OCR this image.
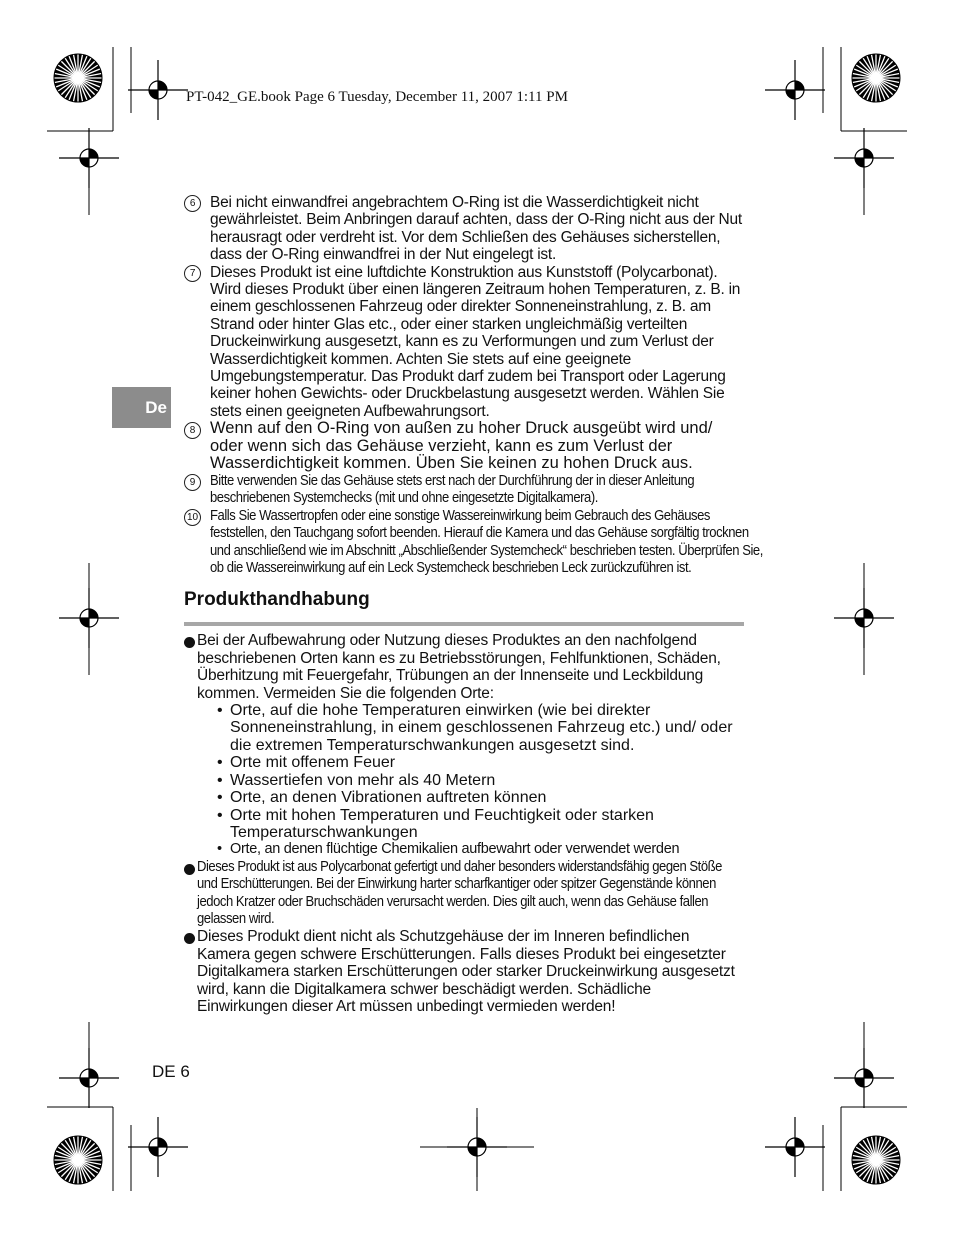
PT-042_GE.book Page 6 Tuesday, December 11, 2007 1:11 PM
De
6 Bei nicht einwandfrei angebrachtem O-Ring ist die Wasserdichtigkeit nicht gewährleistet. Beim Anbringen darauf achten, dass der O-Ring nicht aus der Nut herausragt oder verdreht ist. Vor dem Schließen des Gehäuses sicherstellen, dass der O-Ring einwandfrei in der Nut eingelegt ist.
7 Dieses Produkt ist eine luftdichte Konstruktion aus Kunststoff (Polycarbonat). Wird dieses Produkt über einen längeren Zeitraum hohen Temperaturen, z. B. in einem geschlossenen Fahrzeug oder direkter Sonneneinstrahlung, z. B. am Strand oder hinter Glas etc., oder einer starken ungleichmäßig verteilten Druckeinwirkung ausgesetzt, kann es zu Verformungen und zum Verlust der Wasserdichtigkeit kommen. Achten Sie stets auf eine geeignete Umgebungstemperatur. Das Produkt darf zudem bei Transport oder Lagerung keiner hohen Gewichts- oder Druckbelastung ausgesetzt werden. Wählen Sie stets einen geeigneten Aufbewahrungsort.
8 Wenn auf den O-Ring von außen zu hoher Druck ausgeübt wird und/ oder wenn sich das Gehäuse verzieht, kann es zum Verlust der Wasserdichtigkeit kommen. Üben Sie keinen zu hohen Druck aus.
9	Bitte verwenden Sie das Gehäuse stets erst nach der Durchführung der in dieser Anleitung beschriebenen Systemchecks (mit und ohne eingesetzte Digitalkamera).
10 Falls Sie Wassertropfen oder eine sonstige Wassereinwirkung beim Gebrauch des Gehäuses feststellen, den Tauchgang sofort beenden. Hierauf die Kamera und das Gehäuse sorgfältig trocknen und anschließend wie im Abschnitt „Abschließender Systemcheck“ beschrieben testen. Überprüfen Sie, ob die Wassereinwirkung auf ein Leck Systemcheck beschrieben Leck zurückzuführen ist.
Produkthandhabung
Bei der Aufbewahrung oder Nutzung dieses Produktes an den nachfolgend beschriebenen Orten kann es zu Betriebsstörungen, Fehlfunktionen, Schäden, Überhitzung mit Feuergefahr, Trübungen an der Innenseite und Leckbildung kommen. Vermeiden Sie die folgenden Orte:
• Orte, auf die hohe Temperaturen einwirken (wie bei direkter Sonneneinstrahlung, in einem geschlossenen Fahrzeug etc.) und/ oder die extremen Temperaturschwankungen ausgesetzt sind.
• Orte mit offenem Feuer
• Wassertiefen von mehr als 40 Metern
• Orte, an denen Vibrationen auftreten können
• Orte mit hohen Temperaturen und Feuchtigkeit oder starken Temperaturschwankungen
• Orte, an denen flüchtige Chemikalien aufbewahrt oder verwendet werden
Dieses Produkt ist aus Polycarbonat gefertigt und daher besonders widerstandsfähig gegen Stöße und Erschütterungen. Bei der Einwirkung harter scharfkantiger oder spitzer Gegenstände können jedoch Kratzer oder Bruchschäden verursacht werden. Dies gilt auch, wenn das Gehäuse fallen gelassen wird.
Dieses Produkt dient nicht als Schutzgehäuse der im Inneren befindlichen Kamera gegen schwere Erschütterungen. Falls dieses Produkt bei eingesetzter Digitalkamera starken Erschütterungen oder starker Druckeinwirkung ausgesetzt wird, kann die Digitalkamera schwer beschädigt werden. Schädliche Einwirkungen dieser Art müssen unbedingt vermieden werden!
DE 6
